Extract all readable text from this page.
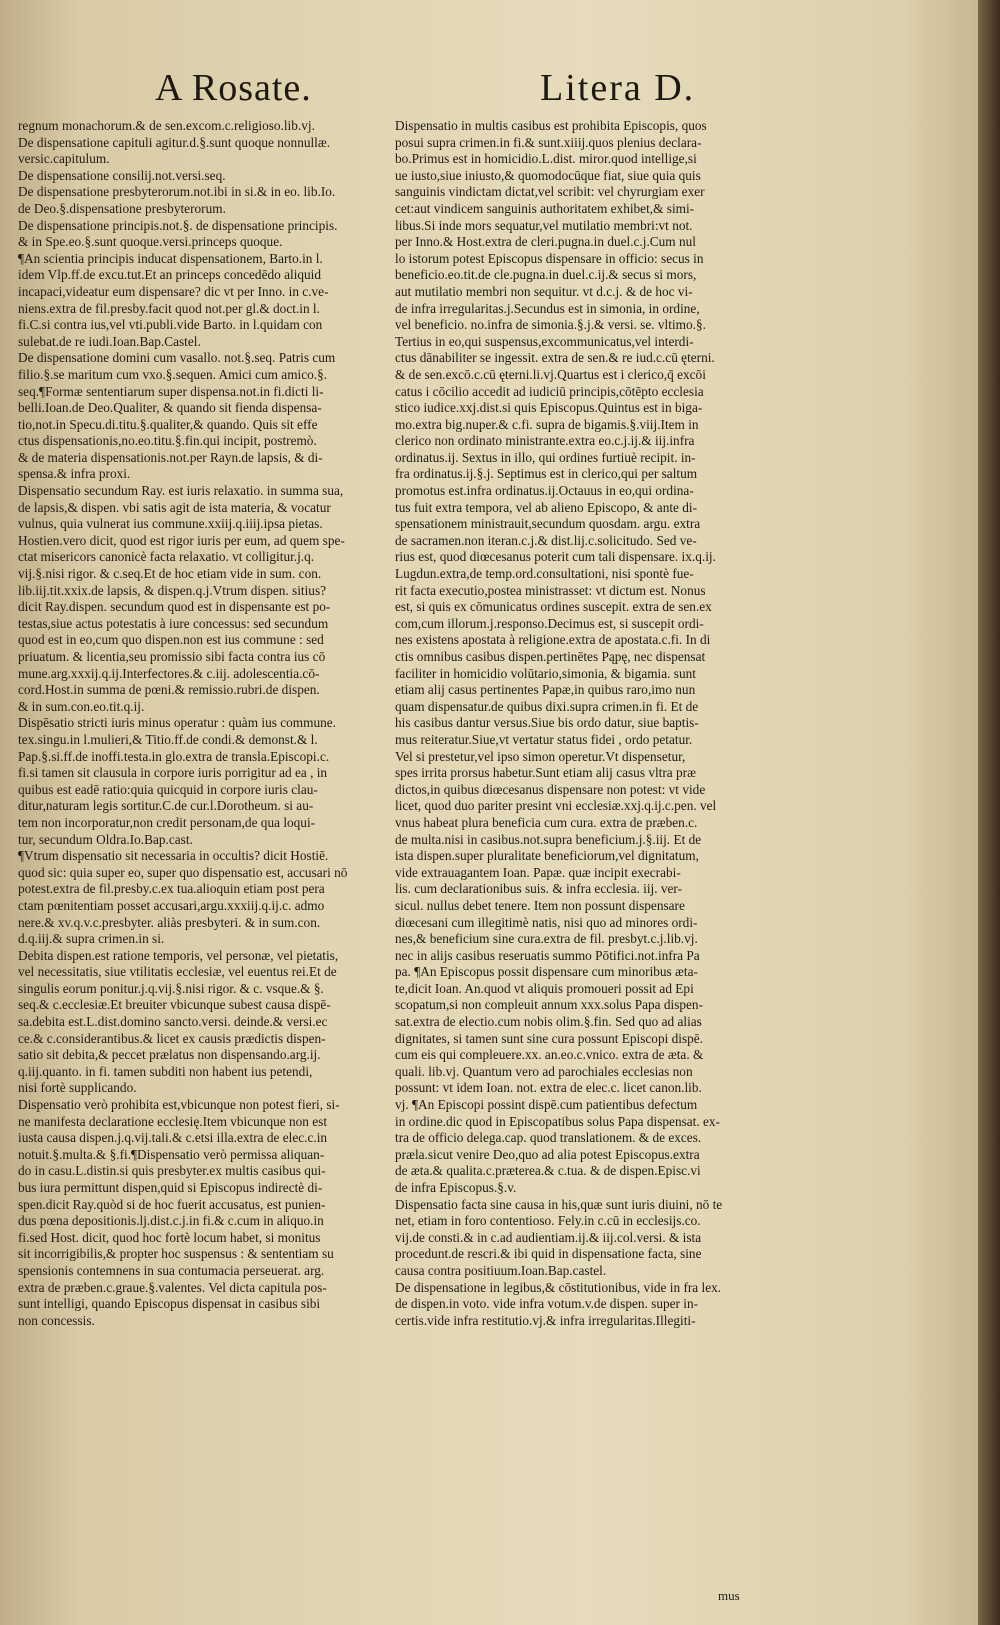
A Rosate.	Litera D.

regnum monachorum.& de sen.excom.c.religioso.lib.vj.

De dispensatione capituli agitur.d.§.sunt quoque nonnullæ.

versic.capitulum.

De dispensatione consilij.not.versi.seq.

De dispensatione presbyterorum.not.ibi in si.& in eo. lib.Io.

de Deo.§.dispensatione presbyterorum.

De dispensatione principis.not.§. de dispensatione principis.

& in Spe.eo.§.sunt quoque.versi.princeps quoque.

¶An scientia principis inducat dispensationem, Barto.in l.

idem Vlp.ff.de excu.tut.Et an princeps concedēdo aliquid

incapaci,videatur eum dispensare? dic vt per Inno. in c.ve-

niens.extra de fil.presby.facit quod not.per gl.& doct.in l.

fi.C.si contra ius,vel vti.publi.vide Barto. in l.quidam con

sulebat.de re iudi.Ioan.Bap.Castel.

De dispensatione domini cum vasallo. not.§.seq. Patris cum

filio.§.se maritum cum vxo.§.sequen. Amici cum amico.§.

seq.¶Formæ sententiarum super dispensa.not.in fi.dicti li-

belli.Ioan.de Deo.Qualiter, & quando sit fienda dispensa-

tio,not.in Specu.di.titu.§.qualiter,& quando. Quis sit effe

ctus dispensationis,no.eo.titu.§.fin.qui incipit, postremò.

& de materia dispensationis.not.per Rayn.de lapsis, & di-

spensa.& infra proxi.

Dispensatio secundum Ray. est iuris relaxatio. in summa sua,

de lapsis,& dispen. vbi satis agit de ista materia, & vocatur

vulnus, quia vulnerat ius commune.xxiij.q.iiij.ipsa pietas.

Hostien.vero dicit, quod est rigor iuris per eum, ad quem spe-

ctat misericors canonicè facta relaxatio. vt colligitur.j.q.

vij.§.nisi rigor. & c.seq.Et de hoc etiam vide in sum. con.

lib.iij.tit.xxix.de lapsis, & dispen.q.j.Vtrum dispen. sitius?

dicit Ray.dispen. secundum quod est in dispensante est po-

testas,siue actus potestatis à iure concessus: sed secundum

quod est in eo,cum quo dispen.non est ius commune : sed

priuatum. & licentia,seu promissio sibi facta contra ius cō

mune.arg.xxxij.q.ij.Interfectores.& c.iij. adolescentia.cō-

cord.Host.in summa de pœni.& remissio.rubri.de dispen.

& in sum.con.eo.tit.q.ij.

Dispēsatio stricti iuris minus operatur : quàm ius commune.

tex.singu.in l.mulieri,& Titio.ff.de condi.& demonst.& l.

Pap.§.si.ff.de inoffi.testa.in glo.extra de transla.Episcopi.c.

fi.si tamen sit clausula in corpore iuris porrigitur ad ea , in

quibus est eadē ratio:quia quicquid in corpore iuris clau-

ditur,naturam legis sortitur.C.de cur.l.Dorotheum. si au-

tem non incorporatur,non credit personam,de qua loqui-

tur, secundum Oldra.Io.Bap.cast.

¶Vtrum dispensatio sit necessaria in occultis? dicit Hostiē.

quod sic: quia super eo, super quo dispensatio est, accusari nō

potest.extra de fil.presby.c.ex tua.alioquin etiam post pera

ctam pœnitentiam posset accusari,argu.xxxiij.q.ij.c. admo

nere.& xv.q.v.c.presbyter. aliàs presbyteri. & in sum.con.

d.q.iij.& supra crimen.in si.

Debita dispen.est ratione temporis, vel personæ, vel pietatis,

vel necessitatis, siue vtilitatis ecclesiæ, vel euentus rei.Et de

singulis eorum ponitur.j.q.vij.§.nisi rigor. & c. vsque.& §.

seq.& c.ecclesiæ.Et breuiter vbicunque subest causa dispē-

sa.debita est.L.dist.domino sancto.versi. deinde.& versi.ec

ce.& c.considerantibus.& licet ex causis prædictis dispen-

satio sit debita,& peccet prælatus non dispensando.arg.ij.

q.iij.quanto. in fi. tamen subditi non habent ius petendi,

nisi fortè supplicando.

Dispensatio verò prohibita est,vbicunque non potest fieri, si-

ne manifesta declaratione ecclesię.Item vbicunque non est

iusta causa dispen.j.q.vij.tali.& c.etsi illa.extra de elec.c.in

notuit.§.multa.& §.fi.¶Dispensatio verò permissa aliquan-

do in casu.L.distin.si quis presbyter.ex multis casibus qui-

bus iura permittunt dispen,quid si Episcopus indirectè di-

spen.dicit Ray.quòd si de hoc fuerit accusatus, est punien-

dus pœna depositionis.lj.dist.c.j.in fi.& c.cum in aliquo.in

fi.sed Host. dicit, quod hoc fortè locum habet, si monitus

sit incorrigibilis,& propter hoc suspensus : & sententiam su

spensionis contemnens in sua contumacia perseuerat. arg.

extra de præben.c.graue.§.valentes. Vel dicta capitula pos-

sunt intelligi, quando Episcopus dispensat in casibus sibi

non concessis.

Dispensatio in multis casibus est prohibita Episcopis, quos

posui supra crimen.in fi.& sunt.xiiij.quos plenius declara-

bo.Primus est in homicidio.L.dist. miror.quod intellige,si

ue iusto,siue iniusto,& quomodocūque fiat, siue quia quis

sanguinis vindictam dictat,vel scribit: vel chyrurgiam exer

cet:aut vindicem sanguinis authoritatem exhibet,& simi-

libus.Si inde mors sequatur,vel mutilatio membri:vt not.

per Inno.& Host.extra de cleri.pugna.in duel.c.j.Cum nul

lo istorum potest Episcopus dispensare in officio: secus in

beneficio.eo.tit.de cle.pugna.in duel.c.ij.& secus si mors,

aut mutilatio membri non sequitur. vt d.c.j. & de hoc vi-

de infra irregularitas.j.Secundus est in simonia, in ordine,

vel beneficio. no.infra de simonia.§.j.& versi. se. vltimo.§.

Tertius in eo,qui suspensus,excommunicatus,vel interdi-

ctus dānabiliter se ingessit. extra de sen.& re iud.c.cū ęterni.

& de sen.excō.c.cū ęterni.li.vj.Quartus est i clerico,q̄ excōi

catus i cōcilio accedit ad iudiciū principis,cōtēpto ecclesia

stico iudice.xxj.dist.si quis Episcopus.Quintus est in biga-

mo.extra big.nuper.& c.fi. supra de bigamis.§.viij.Item in

clerico non ordinato ministrante.extra eo.c.j.ij.& iij.infra

ordinatus.ij. Sextus in illo, qui ordines furtiuè recipit. in-

fra ordinatus.ij.§.j. Septimus est in clerico,qui per saltum

promotus est.infra ordinatus.ij.Octauus in eo,qui ordina-

tus fuit extra tempora, vel ab alieno Episcopo, & ante di-

spensationem ministrauit,secundum quosdam. argu. extra

de sacramen.non iteran.c.j.& dist.lij.c.solicitudo. Sed ve-

rius est, quod diœcesanus poterit cum tali dispensare. ix.q.ij.

Lugdun.extra,de temp.ord.consultationi, nisi spontè fue-

rit facta executio,postea ministrasset: vt dictum est. Nonus

est, si quis ex cōmunicatus ordines suscepit. extra de sen.ex

com,cum illorum.j.responso.Decimus est, si suscepit ordi-

nes existens apostata à religione.extra de apostata.c.fi. In di

ctis omnibus casibus dispen.pertinētes Pąpę, nec dispensat

faciliter in homicidio volūtario,simonia, & bigamia. sunt

etiam alij casus pertinentes Papæ,in quibus raro,imo nun

quam dispensatur.de quibus dixi.supra crimen.in fi. Et de

his casibus dantur versus.Siue bis ordo datur, siue baptis-

mus reiteratur.Siue,vt vertatur status fidei , ordo petatur.

Vel si prestetur,vel ipso simon operetur.Vt dispensetur,

spes irrita prorsus habetur.Sunt etiam alij casus vltra præ

dictos,in quibus diœcesanus dispensare non potest: vt vide

licet, quod duo pariter presint vni ecclesiæ.xxj.q.ij.c.pen. vel

vnus habeat plura beneficia cum cura. extra de præben.c.

de multa.nisi in casibus.not.supra beneficium.j.§.iij. Et de

ista dispen.super pluralitate beneficiorum,vel dignitatum,

vide extrauagantem Ioan. Papæ. quæ incipit execrabi-

lis. cum declarationibus suis. & infra ecclesia. iij. ver-

sicul. nullus debet tenere. Item non possunt dispensare

diœcesani cum illegitimè natis, nisi quo ad minores ordi-

nes,& beneficium sine cura.extra de fil. presbyt.c.j.lib.vj.

nec in alijs casibus reseruatis summo Pōtifici.not.infra Pa

pa. ¶An Episcopus possit dispensare cum minoribus æta-

te,dicit Ioan. An.quod vt aliquis promoueri possit ad Epi

scopatum,si non compleuit annum xxx.solus Papa dispen-

sat.extra de electio.cum nobis olim.§.fin. Sed quo ad alias

dignitates, si tamen sunt sine cura possunt Episcopi dispē.

cum eis qui compleuere.xx. an.eo.c.vnico. extra de æta. &

quali. lib.vj. Quantum vero ad parochiales ecclesias non

possunt: vt idem Ioan. not. extra de elec.c. licet canon.lib.

vj. ¶An Episcopi possint dispē.cum patientibus defectum

in ordine.dic quod in Episcopatibus solus Papa dispensat. ex-

tra de officio delega.cap. quod translationem. & de exces.

præla.sicut venire Deo,quo ad alia potest Episcopus.extra

de æta.& qualita.c.præterea.& c.tua. & de dispen.Episc.vi

de infra Episcopus.§.v.

Dispensatio facta sine causa in his,quæ sunt iuris diuini, nō te

net, etiam in foro contentioso. Fely.in c.cū in ecclesijs.co.

vij.de consti.& in c.ad audientiam.ij.& iij.col.versi. & ista

procedunt.de rescri.& ibi quid in dispensatione facta, sine

causa contra positiuum.Ioan.Bap.castel.

De dispensatione in legibus,& cōstitutionibus, vide in fra lex.

de dispen.in voto. vide infra votum.v.de dispen. super in-

certis.vide infra restitutio.vj.& infra irregularitas.Illegiti-

mus
